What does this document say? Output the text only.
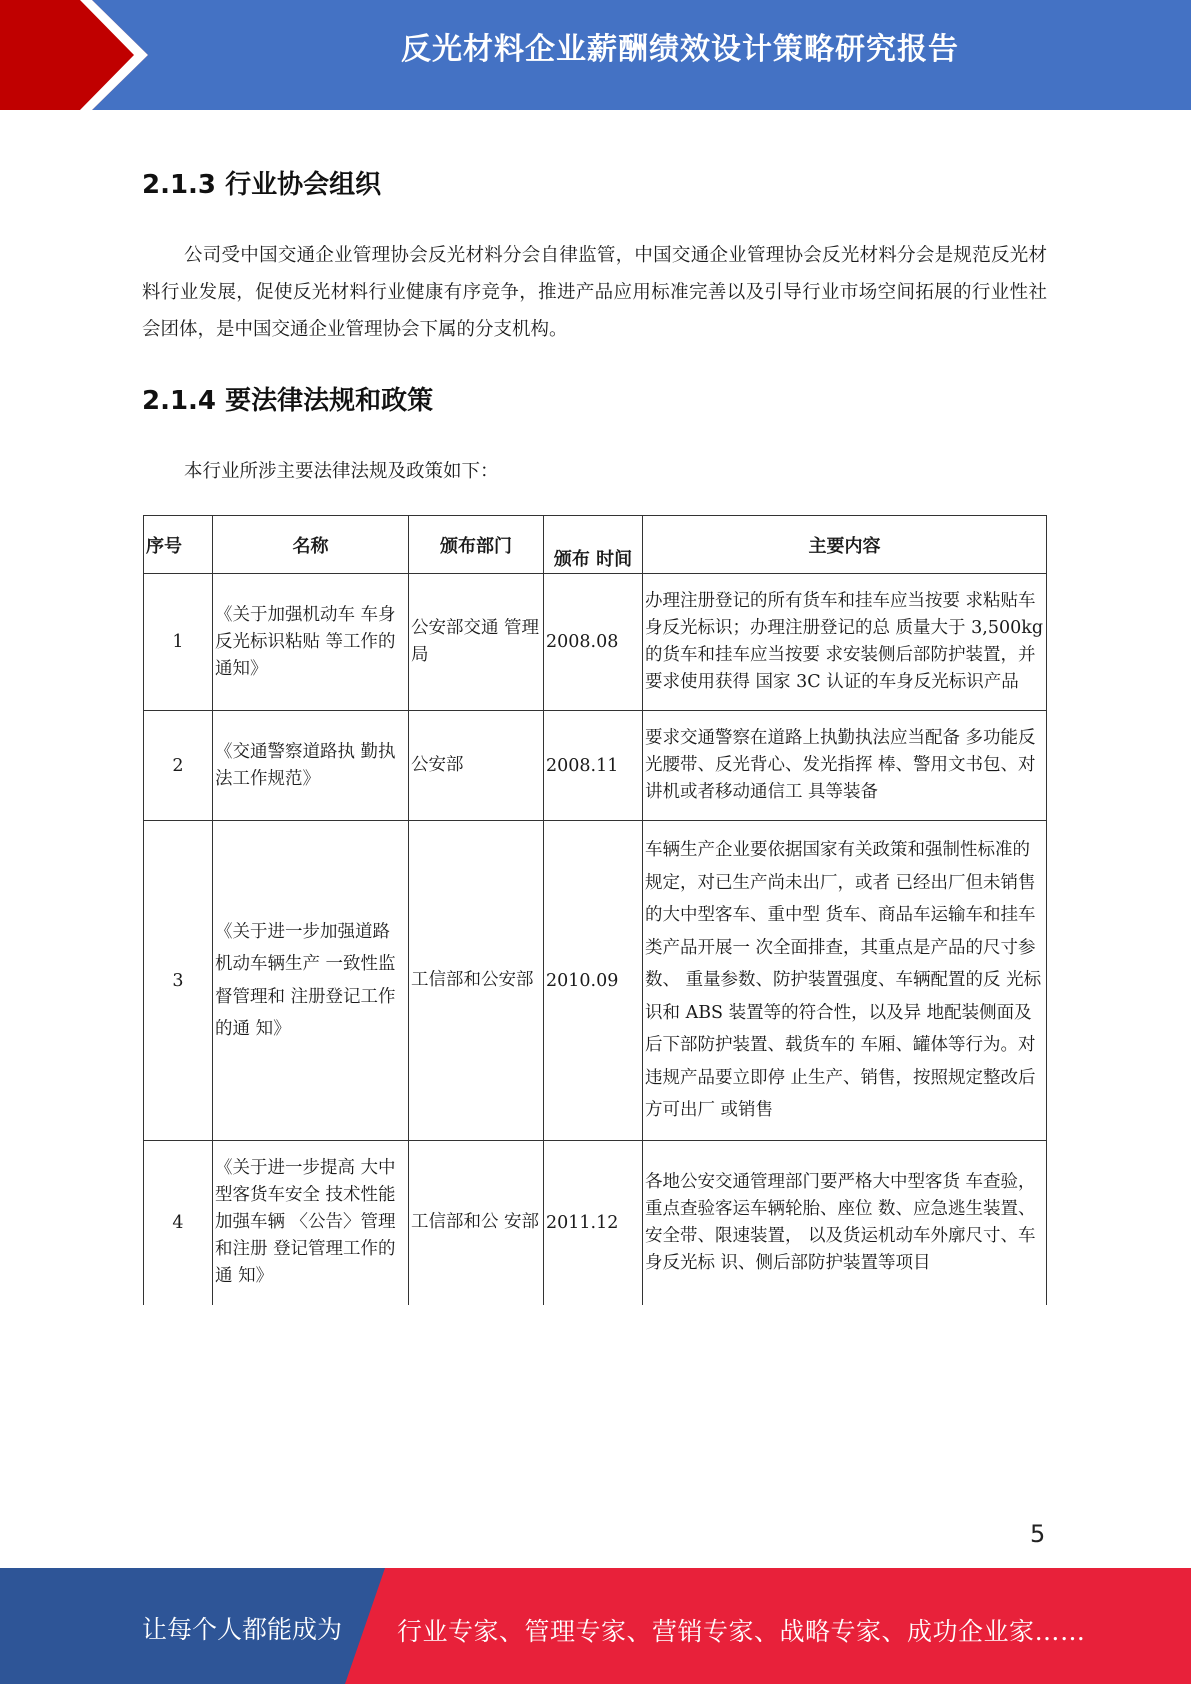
反光材料企业薪酬绩效设计策略研究报告
2.1.3 行业协会组织
公司受中国交通企业管理协会反光材料分会自律监管，中国交通企业管理协会反光材料分会是规范反光材料行业发展，促使反光材料行业健康有序竞争，推进产品应用标准完善以及引导行业市场空间拓展的行业性社会团体，是中国交通企业管理协会下属的分支机构。
2.1.4 要法律法规和政策
本行业所涉主要法律法规及政策如下：
序号	名称	颁布部门	颁布 时间	主要内容
1	《关于加强机动车 车身反光标识粘贴 等工作的通知》	公安部交通 管理局	2008.08	办理注册登记的所有货车和挂车应当按要 求粘贴车身反光标识；办理注册登记的总 质量大于 3,500kg 的货车和挂车应当按要 求安装侧后部防护装置，并要求使用获得 国家 3C 认证的车身反光标识产品
2	《交通警察道路执 勤执法工作规范》	公安部	2008.11	要求交通警察在道路上执勤执法应当配备 多功能反光腰带、反光背心、发光指挥 棒、警用文书包、对讲机或者移动通信工 具等装备
3	《关于进一步加强道路机动车辆生产 一致性监督管理和 注册登记工作的通 知》	工信部和公安部	2010.09	车辆生产企业要依据国家有关政策和强制性标准的规定，对已生产尚未出厂，或者 已经出厂但未销售的大中型客车、重中型 货车、商品车运输车和挂车类产品开展一 次全面排查，其重点是产品的尺寸参数、 重量参数、防护装置强度、车辆配置的反 光标识和 ABS 装置等的符合性，以及异 地配装侧面及后下部防护装置、载货车的 车厢、罐体等行为。对违规产品要立即停 止生产、销售，按照规定整改后方可出厂 或销售
4	《关于进一步提高 大中型客货车安全 技术性能加强车辆 〈公告〉管理和注册 登记管理工作的通 知》	工信部和公 安部	2011.12	各地公安交通管理部门要严格大中型客货 车查验，重点查验客运车辆轮胎、座位 数、应急逃生装置、安全带、限速装置， 以及货运机动车外廓尺寸、车身反光标 识、侧后部防护装置等项目
5
让每个人都能成为 行业专家、管理专家、营销专家、战略专家、成功企业家……
